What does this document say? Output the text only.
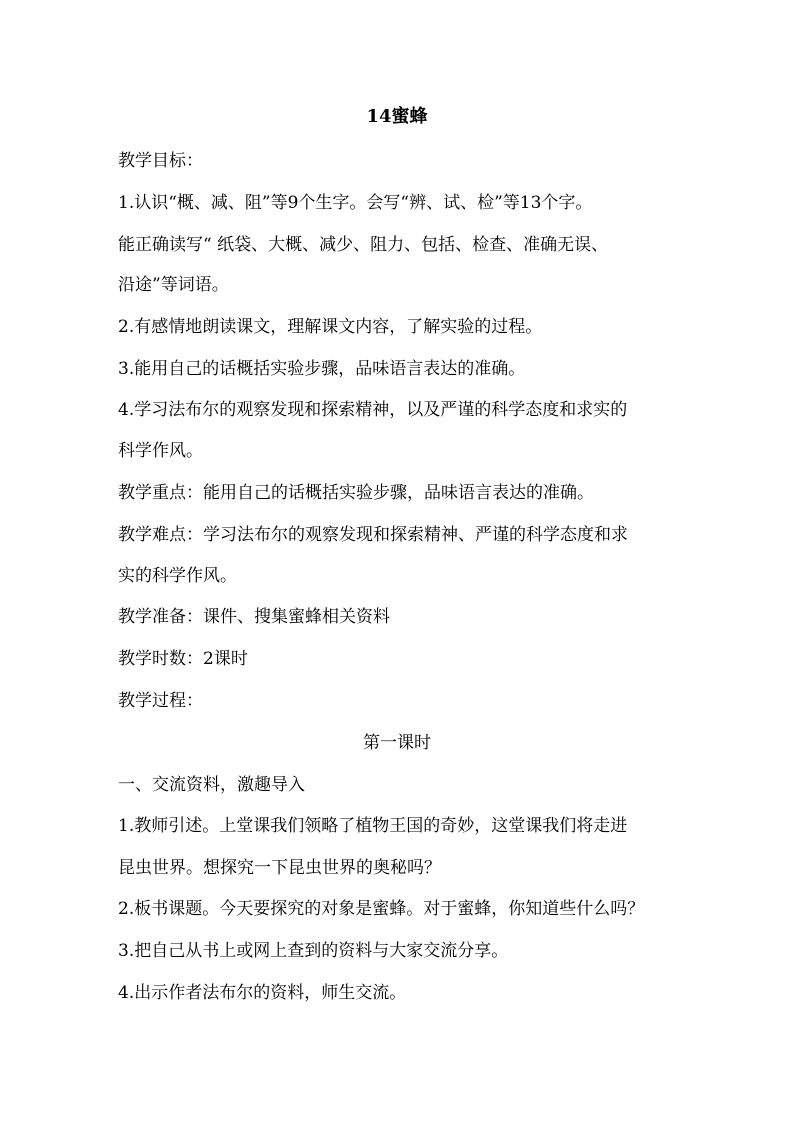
14蜜蜂
教学目标：
1.认识“概、减、阻”等9个生字。会写“辨、试、检”等13个字。
能正确读写“ 纸袋、大概、减少、阻力、包括、检查、准确无误、
沿途”等词语。
2.有感情地朗读课文，理解课文内容，了解实验的过程。
3.能用自己的话概括实验步骤，品味语言表达的准确。
4.学习法布尔的观察发现和探索精神，以及严谨的科学态度和求实的
科学作风。
教学重点：能用自己的话概括实验步骤，品味语言表达的准确。
教学难点：学习法布尔的观察发现和探索精神、严谨的科学态度和求
实的科学作风。
教学准备：课件、搜集蜜蜂相关资料
教学时数：2课时
教学过程：
第一课时
一、交流资料，激趣导入
1.教师引述。上堂课我们领略了植物王国的奇妙，这堂课我们将走进
昆虫世界。想探究一下昆虫世界的奥秘吗？
2.板书课题。今天要探究的对象是蜜蜂。对于蜜蜂，你知道些什么吗？
3.把自己从书上或网上查到的资料与大家交流分享。
4.出示作者法布尔的资料，师生交流。
